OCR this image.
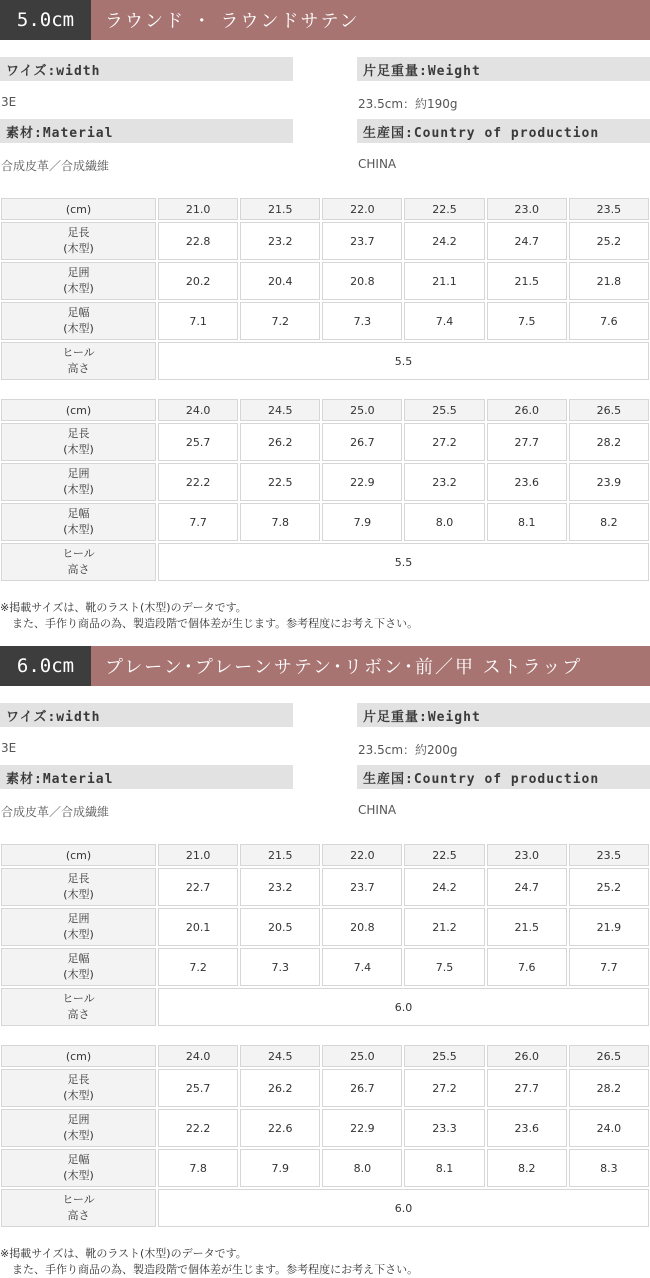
5.0cm	ラウンド ・ ラウンドサテン
ワイズ:width
3E
片足重量:Weight
23.5cm：約190g
素材:Material
合成皮革／合成繊維
生産国:Country of production
CHINA
(cm)	21.0	21.5	22.0	22.5	23.0	23.5

足長
(木型)	22.8	23.2	23.7	24.2	24.7	25.2

足囲
(木型)	20.2	20.4	20.8	21.1	21.5	21.8

足幅
(木型)	7.1	7.2	7.3	7.4	7.5	7.6

ヒール
高さ	5.5					
(cm)	24.0	24.5	25.0	25.5	26.0	26.5

足長
(木型)	25.7	26.2	26.7	27.2	27.7	28.2

足囲
(木型)	22.2	22.5	22.9	23.2	23.6	23.9

足幅
(木型)	7.7	7.8	7.9	8.0	8.1	8.2

ヒール
高さ	5.5					
※掲載サイズは、靴のラスト(木型)のデータです。
また、手作り商品の為、製造段階で個体差が生じます。参考程度にお考え下さい。
6.0cm	プレーン･プレーンサテン･リボン･前／甲 ストラップ
ワイズ:width
3E
片足重量:Weight
23.5cm：約200g
素材:Material
合成皮革／合成繊維
生産国:Country of production
CHINA
(cm)	21.0	21.5	22.0	22.5	23.0	23.5

足長
(木型)	22.7	23.2	23.7	24.2	24.7	25.2

足囲
(木型)	20.1	20.5	20.8	21.2	21.5	21.9

足幅
(木型)	7.2	7.3	7.4	7.5	7.6	7.7

ヒール
高さ	6.0					
(cm)	24.0	24.5	25.0	25.5	26.0	26.5

足長
(木型)	25.7	26.2	26.7	27.2	27.7	28.2

足囲
(木型)	22.2	22.6	22.9	23.3	23.6	24.0

足幅
(木型)	7.8	7.9	8.0	8.1	8.2	8.3

ヒール
高さ	6.0					
※掲載サイズは、靴のラスト(木型)のデータです。
また、手作り商品の為、製造段階で個体差が生じます。参考程度にお考え下さい。
